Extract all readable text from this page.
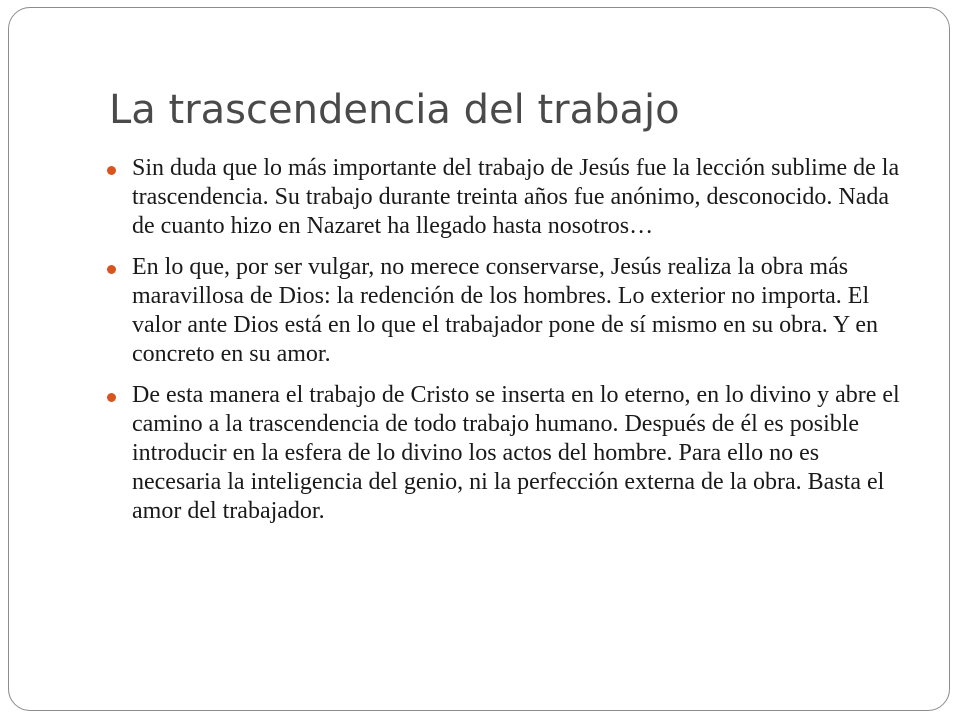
La trascendencia del trabajo
Sin duda que lo más importante del trabajo de Jesús fue la lección sublime de la trascendencia. Su trabajo durante treinta años fue anónimo, desconocido. Nada de cuanto hizo en Nazaret ha llegado hasta nosotros…
En lo que, por ser vulgar, no merece conservarse, Jesús realiza la obra más maravillosa de Dios: la redención de los hombres. Lo exterior no importa. El valor ante Dios está en lo que el trabajador pone de sí mismo en su obra. Y en concreto en su amor.
De esta manera el trabajo de Cristo se inserta en lo eterno, en lo divino y abre el camino a la trascendencia de todo trabajo humano. Después de él es posible introducir en la esfera de lo divino los actos del hombre. Para ello no es necesaria la inteligencia del genio, ni la perfección externa de la obra. Basta el amor del trabajador.
